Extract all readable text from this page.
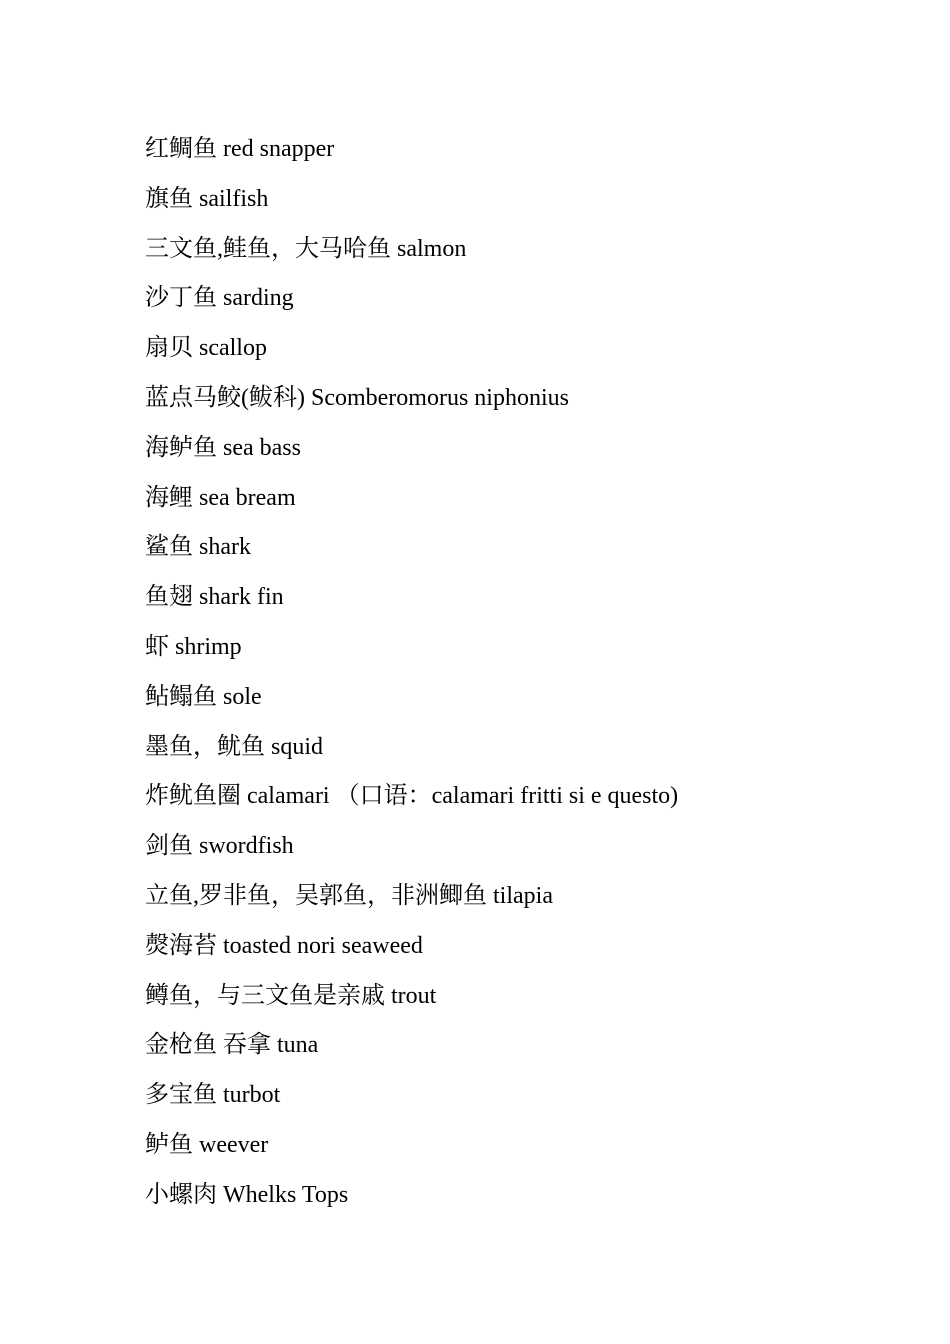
红鲷鱼 red snapper
旗鱼 sailfish
三文鱼,鲑鱼，大马哈鱼 salmon
沙丁鱼 sarding
扇贝 scallop
蓝点马鲛(鲅科) Scomberomorus niphonius
海鲈鱼 sea bass
海鲤 sea bream
鲨鱼 shark
鱼翅 shark fin
虾 shrimp
鲇鳎鱼 sole
墨鱼，鱿鱼 squid
炸鱿鱼圈 calamari （口语：calamari fritti si e questo)
剑鱼 swordfish
立鱼,罗非鱼，吴郭鱼，非洲鲫鱼 tilapia
㷫海苔 toasted nori seaweed
鳟鱼，与三文鱼是亲戚 trout
金枪鱼 吞拿 tuna
多宝鱼 turbot
鲈鱼 weever
小螺肉 Whelks Tops
